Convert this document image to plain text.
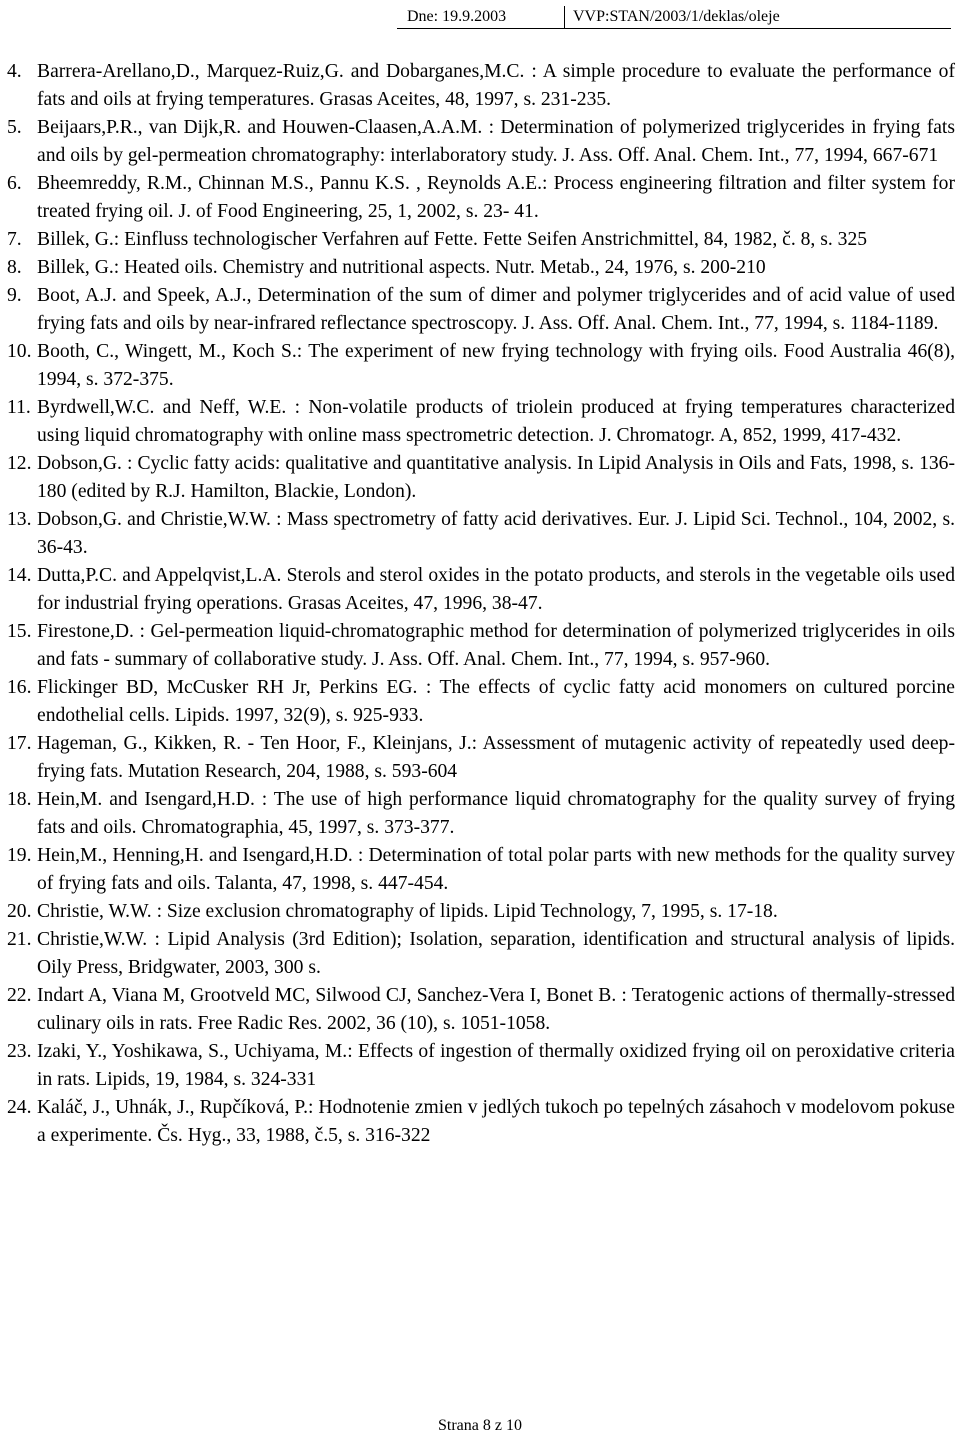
Dne: 19.9.2003	VVP:STAN/2003/1/deklas/oleje
4. Barrera-Arellano,D., Marquez-Ruiz,G. and Dobarganes,M.C. : A simple procedure to evaluate the performance of fats and oils at frying temperatures. Grasas Aceites, 48, 1997, s. 231-235.
5. Beijaars,P.R., van Dijk,R. and Houwen-Claasen,A.A.M. : Determination of polymerized triglycerides in frying fats and oils by gel-permeation chromatography: interlaboratory study. J. Ass. Off. Anal. Chem. Int., 77, 1994, 667-671
6. Bheemreddy, R.M., Chinnan M.S., Pannu K.S. , Reynolds A.E.: Process engineering filtration and filter system for treated frying oil. J. of Food Engineering, 25, 1, 2002, s. 23- 41.
7. Billek, G.: Einfluss technologischer Verfahren auf Fette. Fette Seifen Anstrichmittel, 84, 1982, č. 8, s. 325
8. Billek, G.: Heated oils. Chemistry and nutritional aspects. Nutr. Metab., 24, 1976, s. 200-210
9. Boot, A.J. and Speek, A.J., Determination of the sum of dimer and polymer triglycerides and of acid value of used frying fats and oils by near-infrared reflectance spectroscopy. J. Ass. Off. Anal. Chem. Int., 77, 1994, s. 1184-1189.
10. Booth, C., Wingett, M., Koch S.: The experiment of new frying technology with frying oils. Food Australia 46(8), 1994, s. 372-375.
11. Byrdwell,W.C. and Neff, W.E. : Non-volatile products of triolein produced at frying temperatures characterized using liquid chromatography with online mass spectrometric detection. J. Chromatogr. A, 852, 1999, 417-432.
12. Dobson,G. : Cyclic fatty acids: qualitative and quantitative analysis. In Lipid Analysis in Oils and Fats, 1998, s. 136-180 (edited by R.J. Hamilton, Blackie, London).
13. Dobson,G. and Christie,W.W. : Mass spectrometry of fatty acid derivatives. Eur. J. Lipid Sci. Technol., 104, 2002, s. 36-43.
14. Dutta,P.C. and Appelqvist,L.A. Sterols and sterol oxides in the potato products, and sterols in the vegetable oils used for industrial frying operations. Grasas Aceites, 47, 1996, 38-47.
15. Firestone,D. : Gel-permeation liquid-chromatographic method for determination of polymerized triglycerides in oils and fats - summary of collaborative study. J. Ass. Off. Anal. Chem. Int., 77, 1994, s. 957-960.
16. Flickinger BD, McCusker RH Jr, Perkins EG. : The effects of cyclic fatty acid monomers on cultured porcine endothelial cells. Lipids. 1997, 32(9), s. 925-933.
17. Hageman, G., Kikken, R. - Ten Hoor, F., Kleinjans, J.: Assessment of mutagenic activity of repeatedly used deep-frying fats. Mutation Research, 204, 1988, s. 593-604
18. Hein,M. and Isengard,H.D. : The use of high performance liquid chromatography for the quality survey of frying fats and oils. Chromatographia, 45, 1997, s. 373-377.
19. Hein,M., Henning,H. and Isengard,H.D. : Determination of total polar parts with new methods for the quality survey of frying fats and oils. Talanta, 47, 1998, s. 447-454.
20. Christie, W.W. : Size exclusion chromatography of lipids. Lipid Technology, 7, 1995, s. 17-18.
21. Christie,W.W. : Lipid Analysis (3rd Edition); Isolation, separation, identification and structural analysis of lipids. Oily Press, Bridgwater, 2003, 300 s.
22. Indart A, Viana M, Grootveld MC, Silwood CJ, Sanchez-Vera I, Bonet B. : Teratogenic actions of thermally-stressed culinary oils in rats. Free Radic Res. 2002, 36 (10), s. 1051-1058.
23. Izaki, Y., Yoshikawa, S., Uchiyama, M.: Effects of ingestion of thermally oxidized frying oil on peroxidative criteria in rats. Lipids, 19, 1984, s. 324-331
24. Kaláč, J., Uhnák, J., Rupčíková, P.: Hodnotenie zmien v jedlých tukoch po tepelných zásahoch v modelovom pokuse a experimente. Čs. Hyg., 33, 1988, č.5, s. 316-322
Strana 8 z 10
